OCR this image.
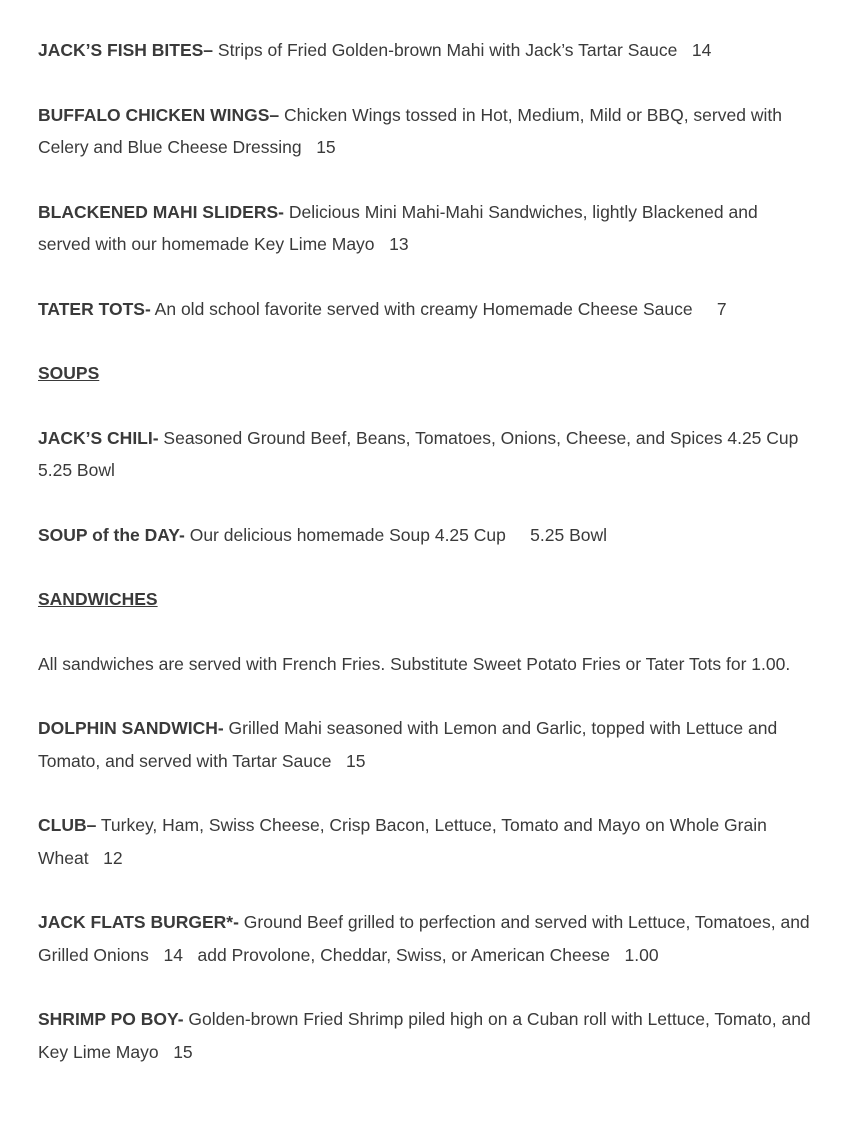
JACK’S FISH BITES– Strips of Fried Golden-brown Mahi with Jack’s Tartar Sauce   14

BUFFALO CHICKEN WINGS– Chicken Wings tossed in Hot, Medium, Mild or BBQ, served with Celery and Blue Cheese Dressing   15

BLACKENED MAHI SLIDERS- Delicious Mini Mahi-Mahi Sandwiches, lightly Blackened and served with our homemade Key Lime Mayo   13

TATER TOTS- An old school favorite served with creamy Homemade Cheese Sauce     7

SOUPS

JACK’S CHILI- Seasoned Ground Beef, Beans, Tomatoes, Onions, Cheese, and Spices 4.25 Cup      5.25 Bowl

SOUP of the DAY- Our delicious homemade Soup 4.25 Cup     5.25 Bowl

SANDWICHES

All sandwiches are served with French Fries. Substitute Sweet Potato Fries or Tater Tots for 1.00.

DOLPHIN SANDWICH- Grilled Mahi seasoned with Lemon and Garlic, topped with Lettuce and Tomato, and served with Tartar Sauce   15

CLUB– Turkey, Ham, Swiss Cheese, Crisp Bacon, Lettuce, Tomato and Mayo on Whole Grain Wheat   12

JACK FLATS BURGER*- Ground Beef grilled to perfection and served with Lettuce, Tomatoes, and Grilled Onions   14   add Provolone, Cheddar, Swiss, or American Cheese   1.00

SHRIMP PO BOY- Golden-brown Fried Shrimp piled high on a Cuban roll with Lettuce, Tomato, and Key Lime Mayo   15
